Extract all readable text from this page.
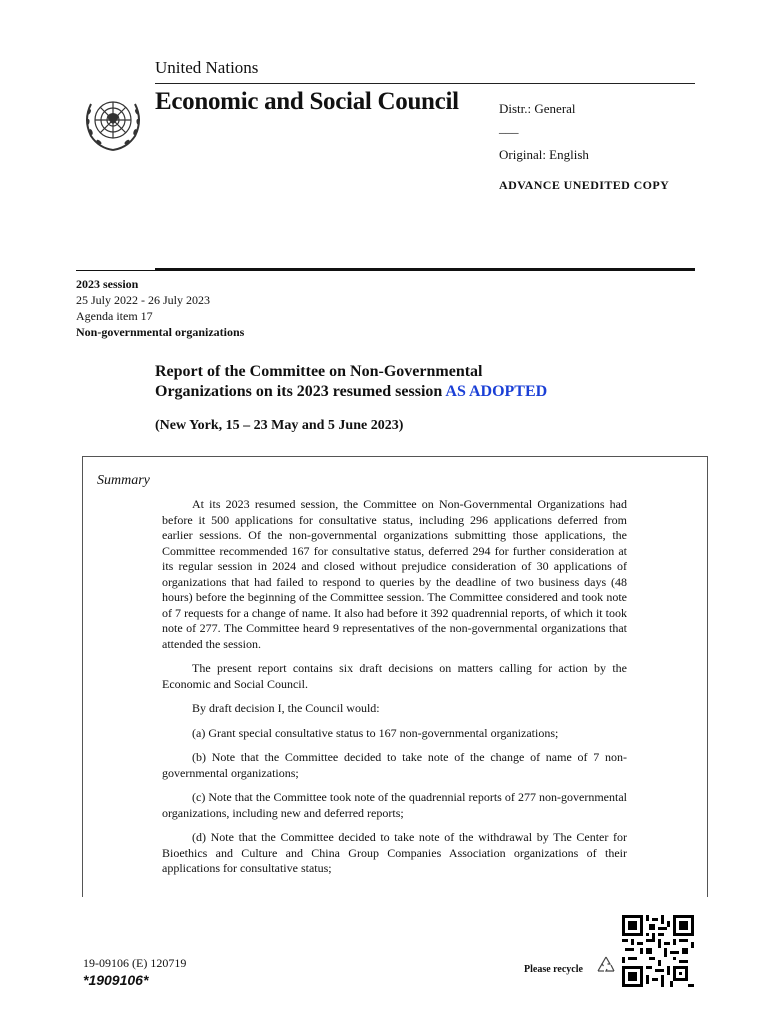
United Nations
Economic and Social Council	Distr.: General
___
Original: English
ADVANCE UNEDITED COPY
2023 session
25 July 2022 - 26 July 2023
Agenda item 17
Non-governmental organizations
Report of the Committee on Non-Governmental
Organizations on its 2023 resumed session AS ADOPTED
(New York, 15 – 23 May and 5 June 2023)
Summary

At its 2023 resumed session, the Committee on Non-Governmental Organizations had before it 500 applications for consultative status, including 296 applications deferred from earlier sessions. Of the non-governmental organizations submitting those applications, the Committee recommended 167 for consultative status, deferred 294 for further consideration at its regular session in 2024 and closed without prejudice consideration of 30 applications of organizations that had failed to respond to queries by the deadline of two business days (48 hours) before the beginning of the Committee session. The Committee considered and took note of 7 requests for a change of name. It also had before it 392 quadrennial reports, of which it took note of 277. The Committee heard 9 representatives of the non-governmental organizations that attended the session.

The present report contains six draft decisions on matters calling for action by the Economic and Social Council.

By draft decision I, the Council would:

(a) Grant special consultative status to 167 non-governmental organizations;

(b) Note that the Committee decided to take note of the change of name of 7 non-governmental organizations;

(c) Note that the Committee took note of the quadrennial reports of 277 non-governmental organizations, including new and deferred reports;

(d) Note that the Committee decided to take note of the withdrawal by The Center for Bioethics and Culture and China Group Companies Association organizations of their applications for consultative status;

19-09106 (E) 120719
*1909106*
Please recycle
